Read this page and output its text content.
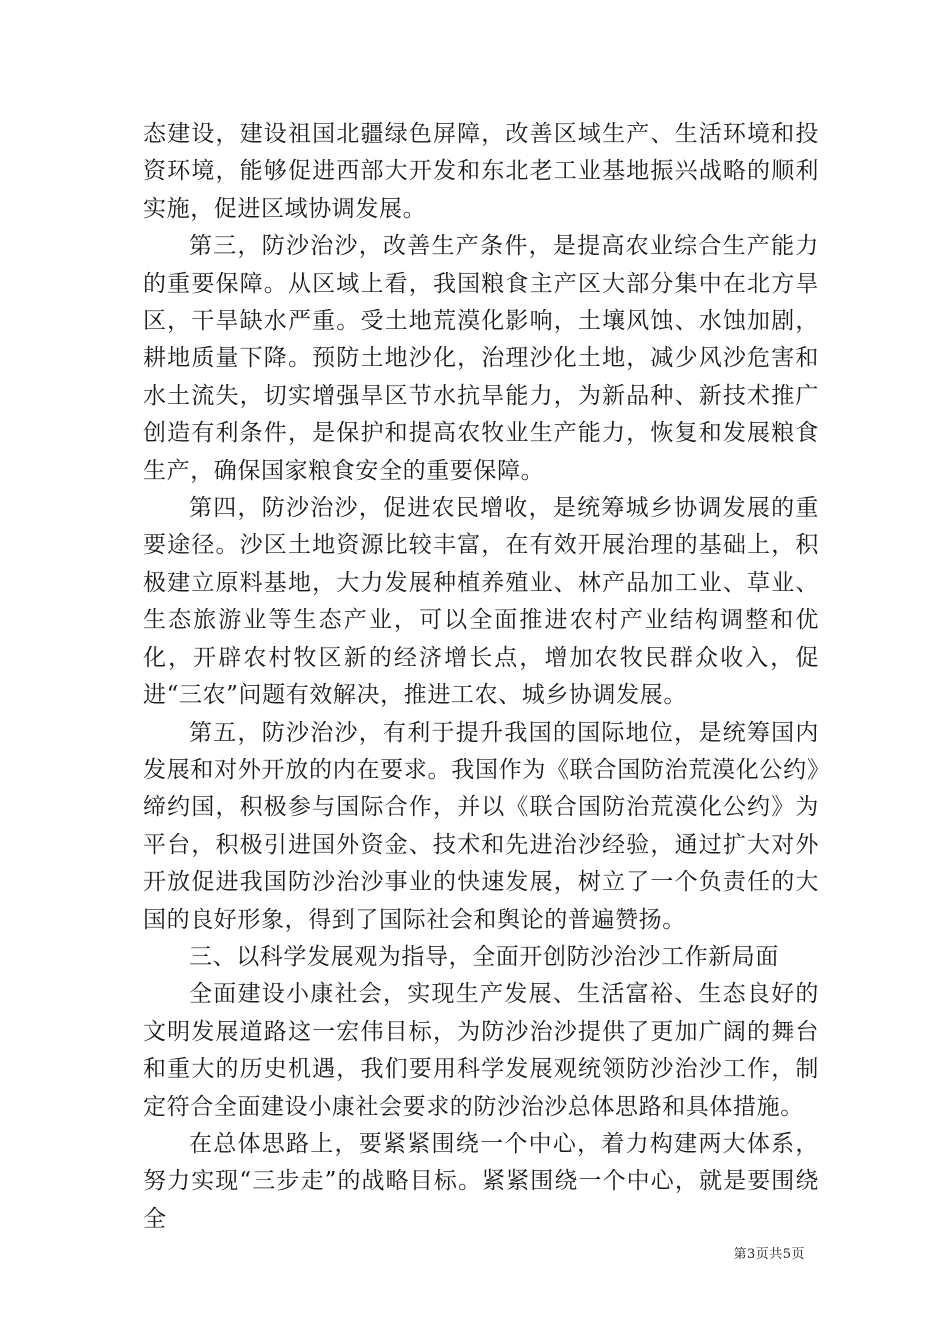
态建设，建设祖国北疆绿色屏障，改善区域生产、生活环境和投资环境，能够促进西部大开发和东北老工业基地振兴战略的顺利实施，促进区域协调发展。

第三，防沙治沙，改善生产条件，是提高农业综合生产能力的重要保障。从区域上看，我国粮食主产区大部分集中在北方旱区，干旱缺水严重。受土地荒漠化影响，土壤风蚀、水蚀加剧，耕地质量下降。预防土地沙化，治理沙化土地，减少风沙危害和水土流失，切实增强旱区节水抗旱能力，为新品种、新技术推广创造有利条件，是保护和提高农牧业生产能力，恢复和发展粮食生产，确保国家粮食安全的重要保障。

第四，防沙治沙，促进农民增收，是统筹城乡协调发展的重要途径。沙区土地资源比较丰富，在有效开展治理的基础上，积极建立原料基地，大力发展种植养殖业、林产品加工业、草业、生态旅游业等生态产业，可以全面推进农村产业结构调整和优化，开辟农村牧区新的经济增长点，增加农牧民群众收入，促进“三农”问题有效解决，推进工农、城乡协调发展。

第五，防沙治沙，有利于提升我国的国际地位，是统筹国内发展和对外开放的内在要求。我国作为《联合国防治荒漠化公约》缔约国，积极参与国际合作，并以《联合国防治荒漠化公约》为平台，积极引进国外资金、技术和先进治沙经验，通过扩大对外开放促进我国防沙治沙事业的快速发展，树立了一个负责任的大国的良好形象，得到了国际社会和舆论的普遍赞扬。

三、以科学发展观为指导，全面开创防沙治沙工作新局面

全面建设小康社会，实现生产发展、生活富裕、生态良好的文明发展道路这一宏伟目标，为防沙治沙提供了更加广阔的舞台和重大的历史机遇，我们要用科学发展观统领防沙治沙工作，制定符合全面建设小康社会要求的防沙治沙总体思路和具体措施。

在总体思路上，要紧紧围绕一个中心，着力构建两大体系，努力实现“三步走”的战略目标。紧紧围绕一个中心，就是要围绕全

第3页共5页
